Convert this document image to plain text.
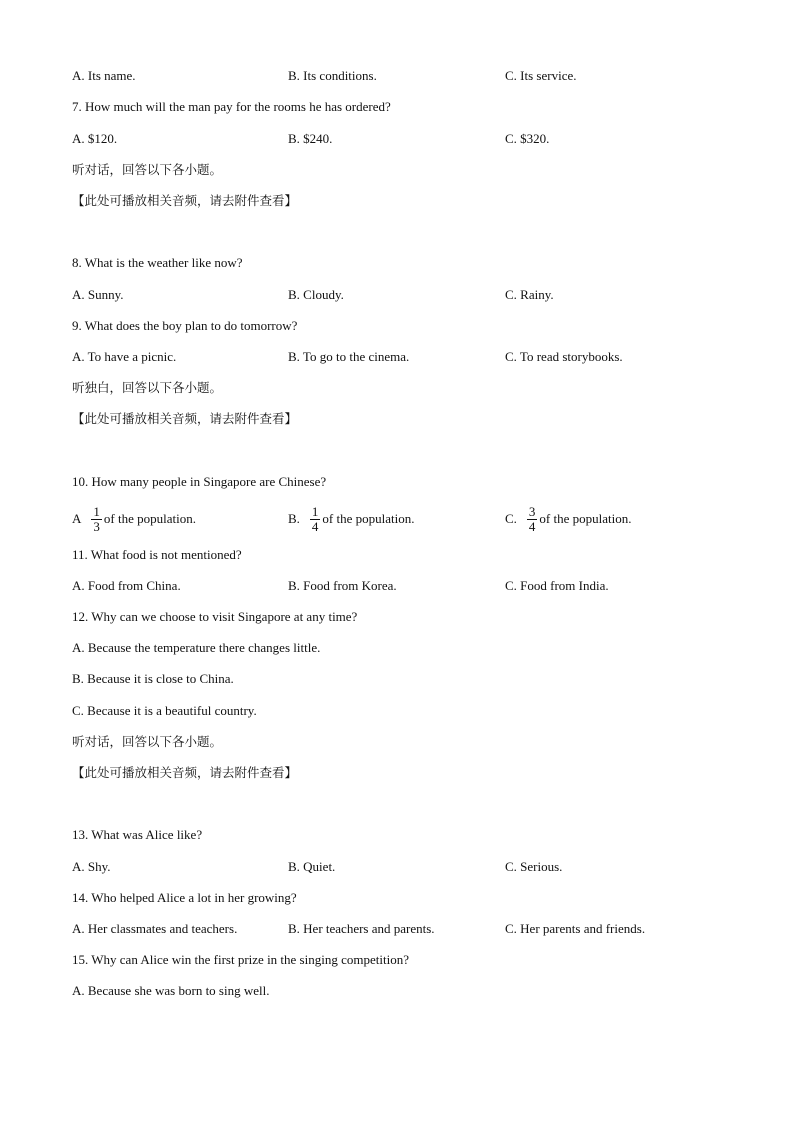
A. Its name.	B. Its conditions.	C. Its service.
7. How much will the man pay for the rooms he has ordered?
A. $120.	B. $240.	C. $320.
听对话，回答以下各小题。
【此处可播放相关音频，请去附件查看】
8. What is the weather like now?
A. Sunny.	B. Cloudy.	C. Rainy.
9. What does the boy plan to do tomorrow?
A. To have a picnic.	B. To go to the cinema.	C. To read storybooks.
听独白，回答以下各小题。
【此处可播放相关音频，请去附件查看】
10. How many people in Singapore are Chinese?
A $\frac{1}{3}$ of the population.	B. $\frac{1}{4}$ of the population.	C. $\frac{3}{4}$ of the population.
11. What food is not mentioned?
A. Food from China.	B. Food from Korea.	C. Food from India.
12. Why can we choose to visit Singapore at any time?
A. Because the temperature there changes little.
B. Because it is close to China.
C. Because it is a beautiful country.
听对话，回答以下各小题。
【此处可播放相关音频，请去附件查看】
13. What was Alice like?
A. Shy.	B. Quiet.	C. Serious.
14. Who helped Alice a lot in her growing?
A. Her classmates and teachers.	B. Her teachers and parents.	C. Her parents and friends.
15. Why can Alice win the first prize in the singing competition?
A. Because she was born to sing well.
